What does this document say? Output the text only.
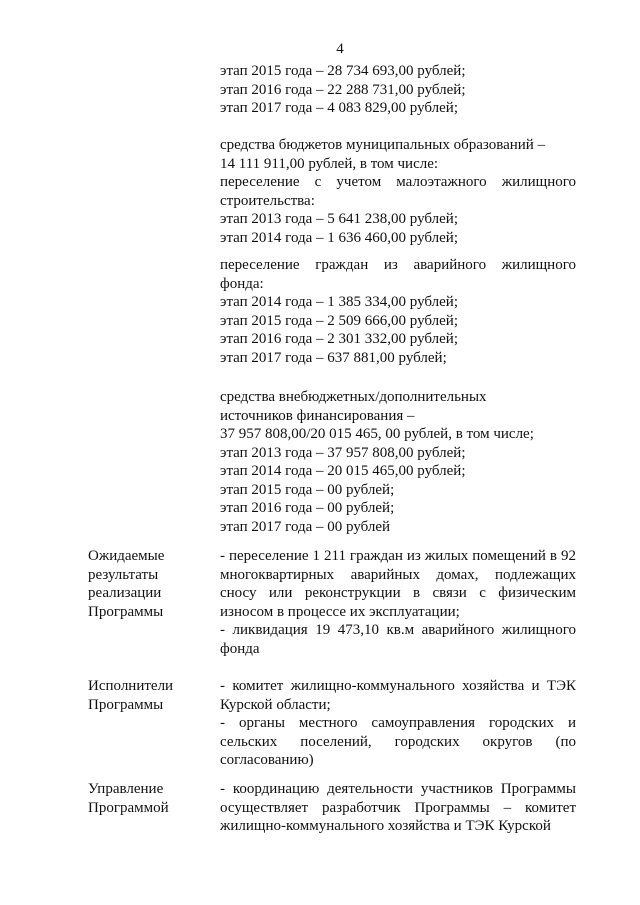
4
этап 2015 года – 28 734 693,00 рублей;
этап 2016 года – 22 288 731,00 рублей;
этап 2017 года – 4 083 829,00 рублей;
средства бюджетов муниципальных образований –
14 111 911,00 рублей, в том числе:
переселение с учетом малоэтажного жилищного
строительства:
этап 2013 года – 5 641 238,00 рублей;
этап 2014 года – 1 636 460,00 рублей;
переселение граждан из аварийного жилищного
фонда:
этап 2014 года – 1 385 334,00 рублей;
этап 2015 года – 2 509 666,00 рублей;
этап 2016 года – 2 301 332,00 рублей;
этап 2017 года – 637 881,00 рублей;
средства внебюджетных/дополнительных
источников финансирования –
37 957 808,00/20 015 465, 00 рублей, в том числе;
этап 2013 года – 37 957 808,00 рублей;
этап 2014 года – 20 015 465,00 рублей;
этап 2015 года – 00 рублей;
этап 2016 года – 00 рублей;
этап 2017 года – 00 рублей
Ожидаемые
результаты
реализации
Программы
- переселение 1 211 граждан из жилых помещений в 92 многоквартирных аварийных домах, подлежащих сносу или реконструкции в связи с физическим износом в процессе их эксплуатации;
- ликвидация 19 473,10 кв.м аварийного жилищного фонда
Исполнители
Программы
- комитет жилищно-коммунального хозяйства и ТЭК Курской области;
- органы местного самоуправления городских и сельских поселений, городских округов (по согласованию)
Управление
Программой
- координацию деятельности участников Программы осуществляет разработчик Программы – комитет жилищно-коммунального хозяйства и ТЭК Курской
